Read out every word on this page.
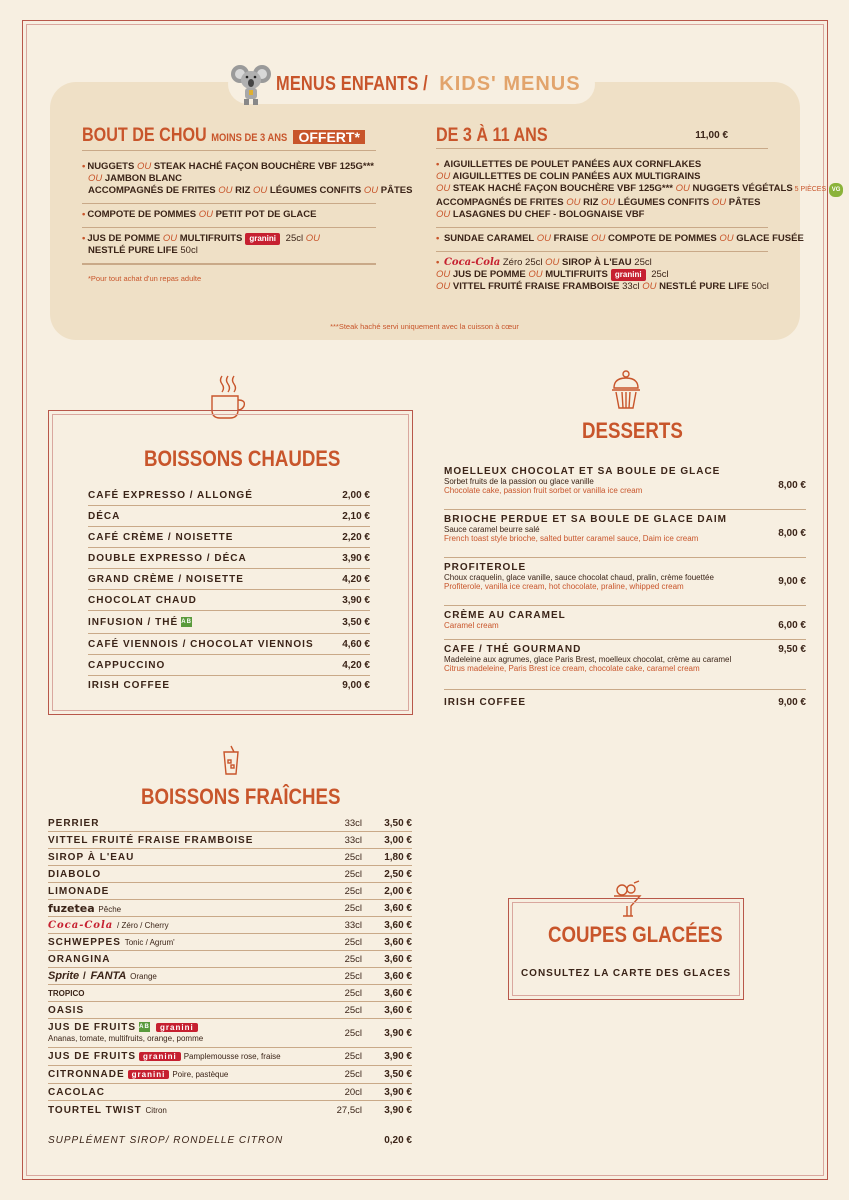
MENUS ENFANTS / KIDS' MENUS
BOUT DE CHOU MOINS DE 3 ANS OFFERT*
• NUGGETS OU STEAK HACHÉ FAÇON BOUCHÈRE VBF 125G***
OU JAMBON BLANC
ACCOMPAGNÉS DE FRITES OU RIZ OU LÉGUMES CONFITS OU PÂTES
• COMPOTE DE POMMES OU PETIT POT DE GLACE
• JUS DE POMME OU MULTIFRUITS granini 25cl OU
NESTLÉ PURE LIFE 50cl
*Pour tout achat d'un repas adulte
DE 3 À 11 ANS	11,00 €
• AIGUILLETTES DE POULET PANÉES AUX CORNFLAKES
OU AIGUILLETTES DE COLIN PANÉES AUX MULTIGRAINS
OU STEAK HACHÉ FAÇON BOUCHÈRE VBF 125G*** OU NUGGETS VÉGÉTALS 5 PIÈCES VG
ACCOMPAGNÉS DE FRITES OU RIZ OU LÉGUMES CONFITS OU PÂTES
OU LASAGNES DU CHEF - BOLOGNAISE VBF
• SUNDAE CARAMEL OU FRAISE OU COMPOTE DE POMMES OU GLACE FUSÉE
• Coca-Cola Zéro 25cl OU SIROP À L'EAU 25cl
OU JUS DE POMME OU MULTIFRUITS granini 25cl
OU VITTEL FRUITÉ FRAISE FRAMBOISE 33cl OU NESTLÉ PURE LIFE 50cl
***Steak haché servi uniquement avec la cuisson à cœur
BOISSONS CHAUDES
CAFÉ EXPRESSO / ALLONGÉ	2,00 €
DÉCA	2,10 €
CAFÉ CRÈME / NOISETTE	2,20 €
DOUBLE EXPRESSO / DÉCA	3,90 €
GRAND CRÈME / NOISETTE	4,20 €
CHOCOLAT CHAUD	3,90 €
INFUSION / THÉ AB	3,50 €
CAFÉ VIENNOIS / CHOCOLAT VIENNOIS	4,60 €
CAPPUCCINO	4,20 €
IRISH COFFEE	9,00 €
DESSERTS
MOELLEUX CHOCOLAT ET SA BOULE DE GLACE
Sorbet fruits de la passion ou glace vanille
Chocolate cake, passion fruit sorbet or vanilla ice cream	8,00 €
BRIOCHE PERDUE ET SA BOULE DE GLACE DAIM
Sauce caramel beurre salé
French toast style brioche, salted butter caramel sauce, Daim ice cream	8,00 €
PROFITEROLE
Choux craquelin, glace vanille, sauce chocolat chaud, pralin, crème fouettée
Profiterole, vanilla ice cream, hot chocolate, praline, whipped cream	9,00 €
CRÈME AU CARAMEL
Caramel cream	6,00 €
CAFE / THÉ GOURMAND
Madeleine aux agrumes, glace Paris Brest, moelleux chocolat, crème au caramel
Citrus madeleine, Paris Brest ice cream, chocolate cake, caramel cream
9,50 €
IRISH COFFEE	9,00 €
BOISSONS FRAÎCHES
PERRIER	33cl	3,50 €
VITTEL FRUITÉ FRAISE FRAMBOISE	33cl	3,00 €
SIROP À L'EAU	25cl	1,80 €
DIABOLO	25cl	2,50 €
LIMONADE	25cl	2,00 €
fuzetea Pêche	25cl	3,60 €
Coca-Cola / Zéro / Cherry	33cl	3,60 €
SCHWEPPES Tonic / Agrum'	25cl	3,60 €
ORANGINA	25cl	3,60 €
Sprite / FANTA Orange	25cl	3,60 €
TROPICO	25cl	3,60 €
OASIS	25cl	3,60 €
JUS DE FRUITS AB granini
Ananas, tomate, multifruits, orange, pomme	25cl	3,90 €
JUS DE FRUITS granini Pamplemousse rose, fraise	25cl	3,90 €
CITRONNADE granini Poire, pastèque	25cl	3,50 €
CACOLAC	20cl	3,90 €
TOURTEL TWIST Citron	27,5cl	3,90 €
SUPPLÉMENT SIROP/ RONDELLE CITRON	0,20 €
COUPES GLACÉES
CONSULTEZ LA CARTE DES GLACES
